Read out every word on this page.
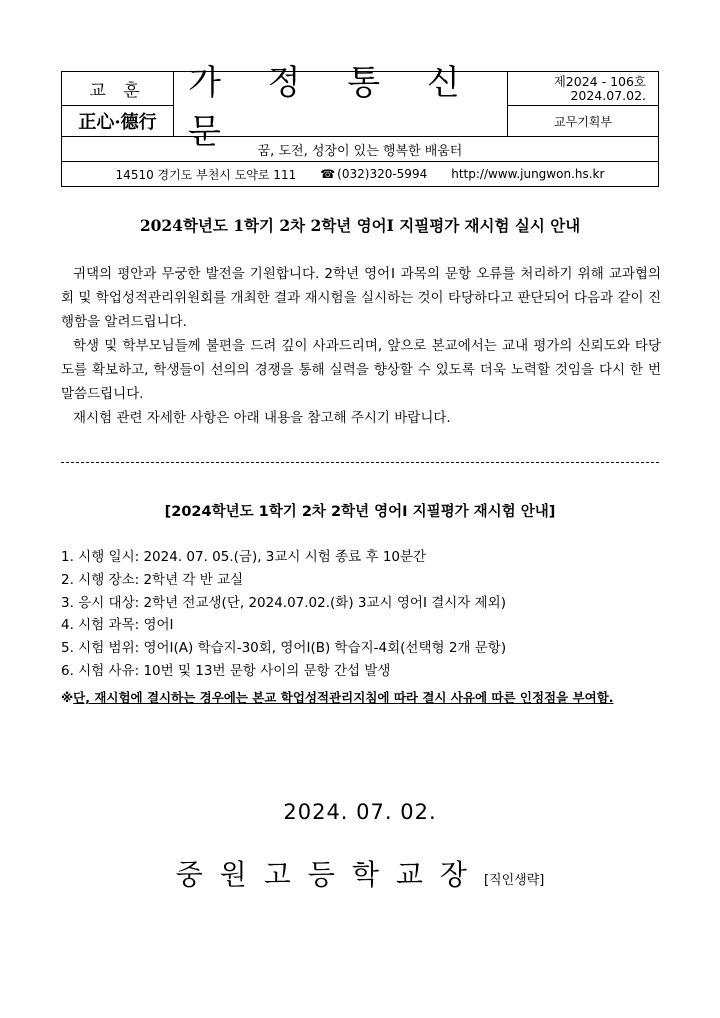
교 훈
正心·德行
가 정 통 신 문
제2024 - 106호
2024.07.02.
교무기획부
꿈, 도전, 성장이 있는 행복한 배움터
14510 경기도 부천시 도약로 111 ☎ (032)320-5994 http://www.jungwon.hs.kr
2024학년도 1학기 2차 2학년 영어Ⅰ 지필평가 재시험 실시 안내

귀댁의 평안과 무궁한 발전을 기원합니다. 2학년 영어Ⅰ 과목의 문항 오류를 처리하기 위해 교과협의회 및 학업성적관리위원회를 개최한 결과 재시험을 실시하는 것이 타당하다고 판단되어 다음과 같이 진행함을 알려드립니다.

학생 및 학부모님들께 불편을 드려 깊이 사과드리며, 앞으로 본교에서는 교내 평가의 신뢰도와 타당도를 확보하고, 학생들이 선의의 경쟁을 통해 실력을 향상할 수 있도록 더욱 노력할 것임을 다시 한 번 말씀드립니다.

재시험 관련 자세한 사항은 아래 내용을 참고해 주시기 바랍니다.

[2024학년도 1학기 2차 2학년 영어Ⅰ 지필평가 재시험 안내]
1. 시행 일시: 2024. 07. 05.(금), 3교시 시험 종료 후 10분간
2. 시행 장소: 2학년 각 반 교실
3. 응시 대상: 2학년 전교생(단, 2024.07.02.(화) 3교시 영어Ⅰ 결시자 제외)
4. 시험 과목: 영어Ⅰ
5. 시험 범위: 영어Ⅰ(A) 학습지-30회, 영어Ⅰ(B) 학습지-4회(선택형 2개 문항)
6. 시험 사유: 10번 및 13번 문항 사이의 문항 간섭 발생
※단, 재시험에 결시하는 경우에는 본교 학업성적관리지침에 따라 결시 사유에 따른 인정점을 부여함.
2024. 07. 02.
중원고등학교장[직인생략]
